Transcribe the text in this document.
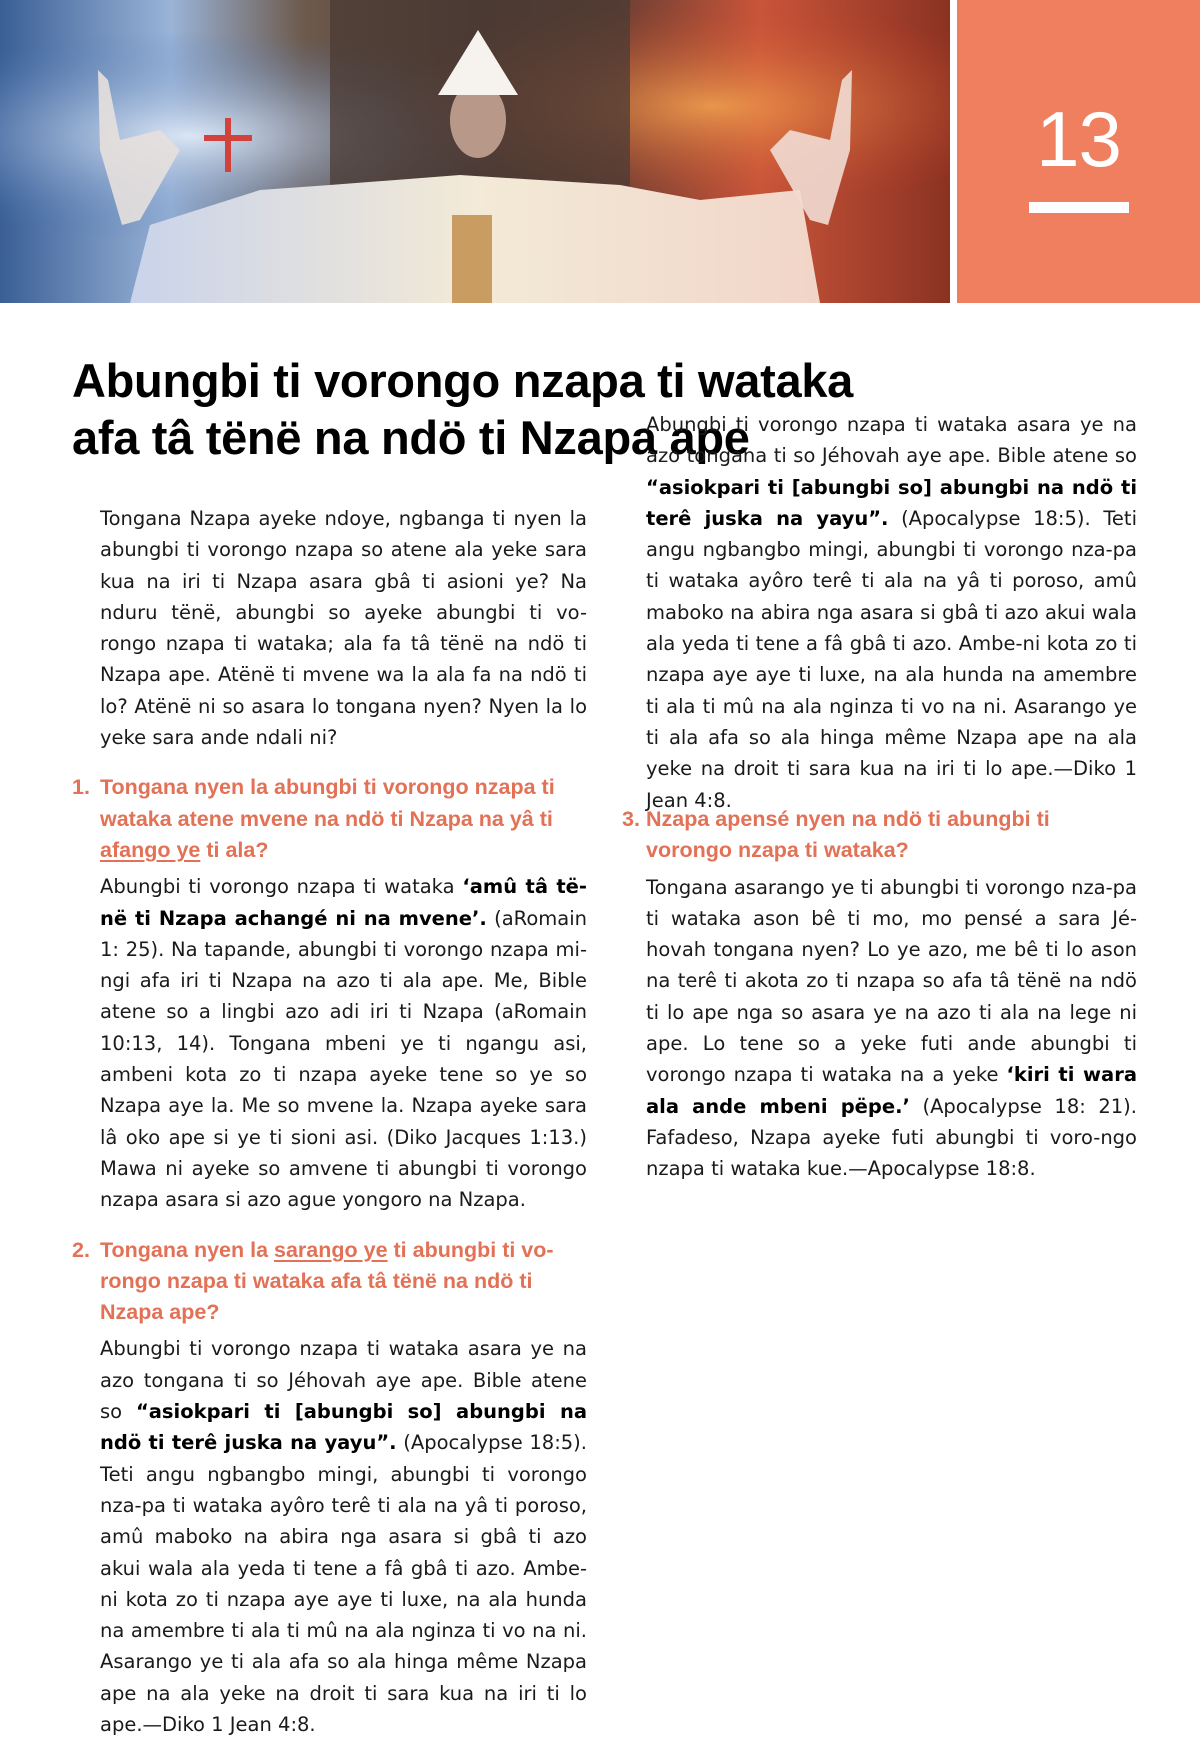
13
Abungbi ti vorongo nzapa ti wataka
afa tâ tënë na ndö ti Nzapa ape

Tongana Nzapa ayeke ndoye, ngbanga ti nyen la abungbi ti vorongo nzapa so atene ala yeke sara kua na iri ti Nzapa asara gbâ ti asioni ye? Na nduru tënë, abungbi so ayeke abungbi ti vo-rongo nzapa ti wataka; ala fa tâ tënë na ndö ti Nzapa ape. Atënë ti mvene wa la ala fa na ndö ti lo? Atënë ni so asara lo tongana nyen? Nyen la lo yeke sara ande ndali ni?

1. Tongana nyen la abungbi ti vorongo nzapa ti wataka atene mvene na ndö ti Nzapa na yâ ti afango ye ti ala?

Abungbi ti vorongo nzapa ti wataka ‘amû tâ të-në ti Nzapa achangé ni na mvene’. (aRomain 1: 25). Na tapande, abungbi ti vorongo nzapa mi-ngi afa iri ti Nzapa na azo ti ala ape. Me, Bible atene so a lingbi azo adi iri ti Nzapa (aRomain 10:13, 14). Tongana mbeni ye ti ngangu asi, ambeni kota zo ti nzapa ayeke tene so ye so Nzapa aye la. Me so mvene la. Nzapa ayeke sara lâ oko ape si ye ti sioni asi. (Diko Jacques 1:13.) Mawa ni ayeke so amvene ti abungbi ti vorongo nzapa asara si azo ague yongoro na Nzapa.

2. Tongana nyen la sarango ye ti abungbi ti vo-rongo nzapa ti wataka afa tâ tënë na ndö ti Nzapa ape?

Abungbi ti vorongo nzapa ti wataka asara ye na azo tongana ti so Jéhovah aye ape. Bible atene so “asiokpari ti [abungbi so] abungbi na ndö ti terê juska na yayu”. (Apocalypse 18:5). Teti angu ngbangbo mingi, abungbi ti vorongo nza-pa ti wataka ayôro terê ti ala na yâ ti poroso, amû maboko na abira nga asara si gbâ ti azo akui wala ala yeda ti tene a fâ gbâ ti azo. Ambe-ni kota zo ti nzapa aye aye ti luxe, na ala hunda na amembre ti ala ti mû na ala nginza ti vo na ni. Asarango ye ti ala afa so ala hinga même Nzapa ape na ala yeke na droit ti sara kua na iri ti lo ape.—Diko 1 Jean 4:8.

Abungbi ti vorongo nzapa ti wataka asara ye na azo tongana ti so Jéhovah aye ape. Bible atene so “asiokpari ti [abungbi so] abungbi na ndö ti terê juska na yayu”. (Apocalypse 18:5). Teti angu ngbangbo mingi, abungbi ti vorongo nza-pa ti wataka ayôro terê ti ala na yâ ti poroso, amû maboko na abira nga asara si gbâ ti azo akui wala ala yeda ti tene a fâ gbâ ti azo. Ambe-ni kota zo ti nzapa aye aye ti luxe, na ala hunda na amembre ti ala ti mû na ala nginza ti vo na ni. Asarango ye ti ala afa so ala hinga même Nzapa ape na ala yeke na droit ti sara kua na iri ti lo ape.—Diko 1 Jean 4:8.

3. Nzapa apensé nyen na ndö ti abungbi ti vorongo nzapa ti wataka?

Tongana asarango ye ti abungbi ti vorongo nza-pa ti wataka ason bê ti mo, mo pensé a sara Jé-hovah tongana nyen? Lo ye azo, me bê ti lo ason na terê ti akota zo ti nzapa so afa tâ tënë na ndö ti lo ape nga so asara ye na azo ti ala na lege ni ape. Lo tene so a yeke futi ande abungbi ti vorongo nzapa ti wataka na a yeke ‘kiri ti wara ala ande mbeni pëpe.’ (Apocalypse 18: 21). Fafadeso, Nzapa ayeke futi abungbi ti voro-ngo nzapa ti wataka kue.—Apocalypse 18:8.
